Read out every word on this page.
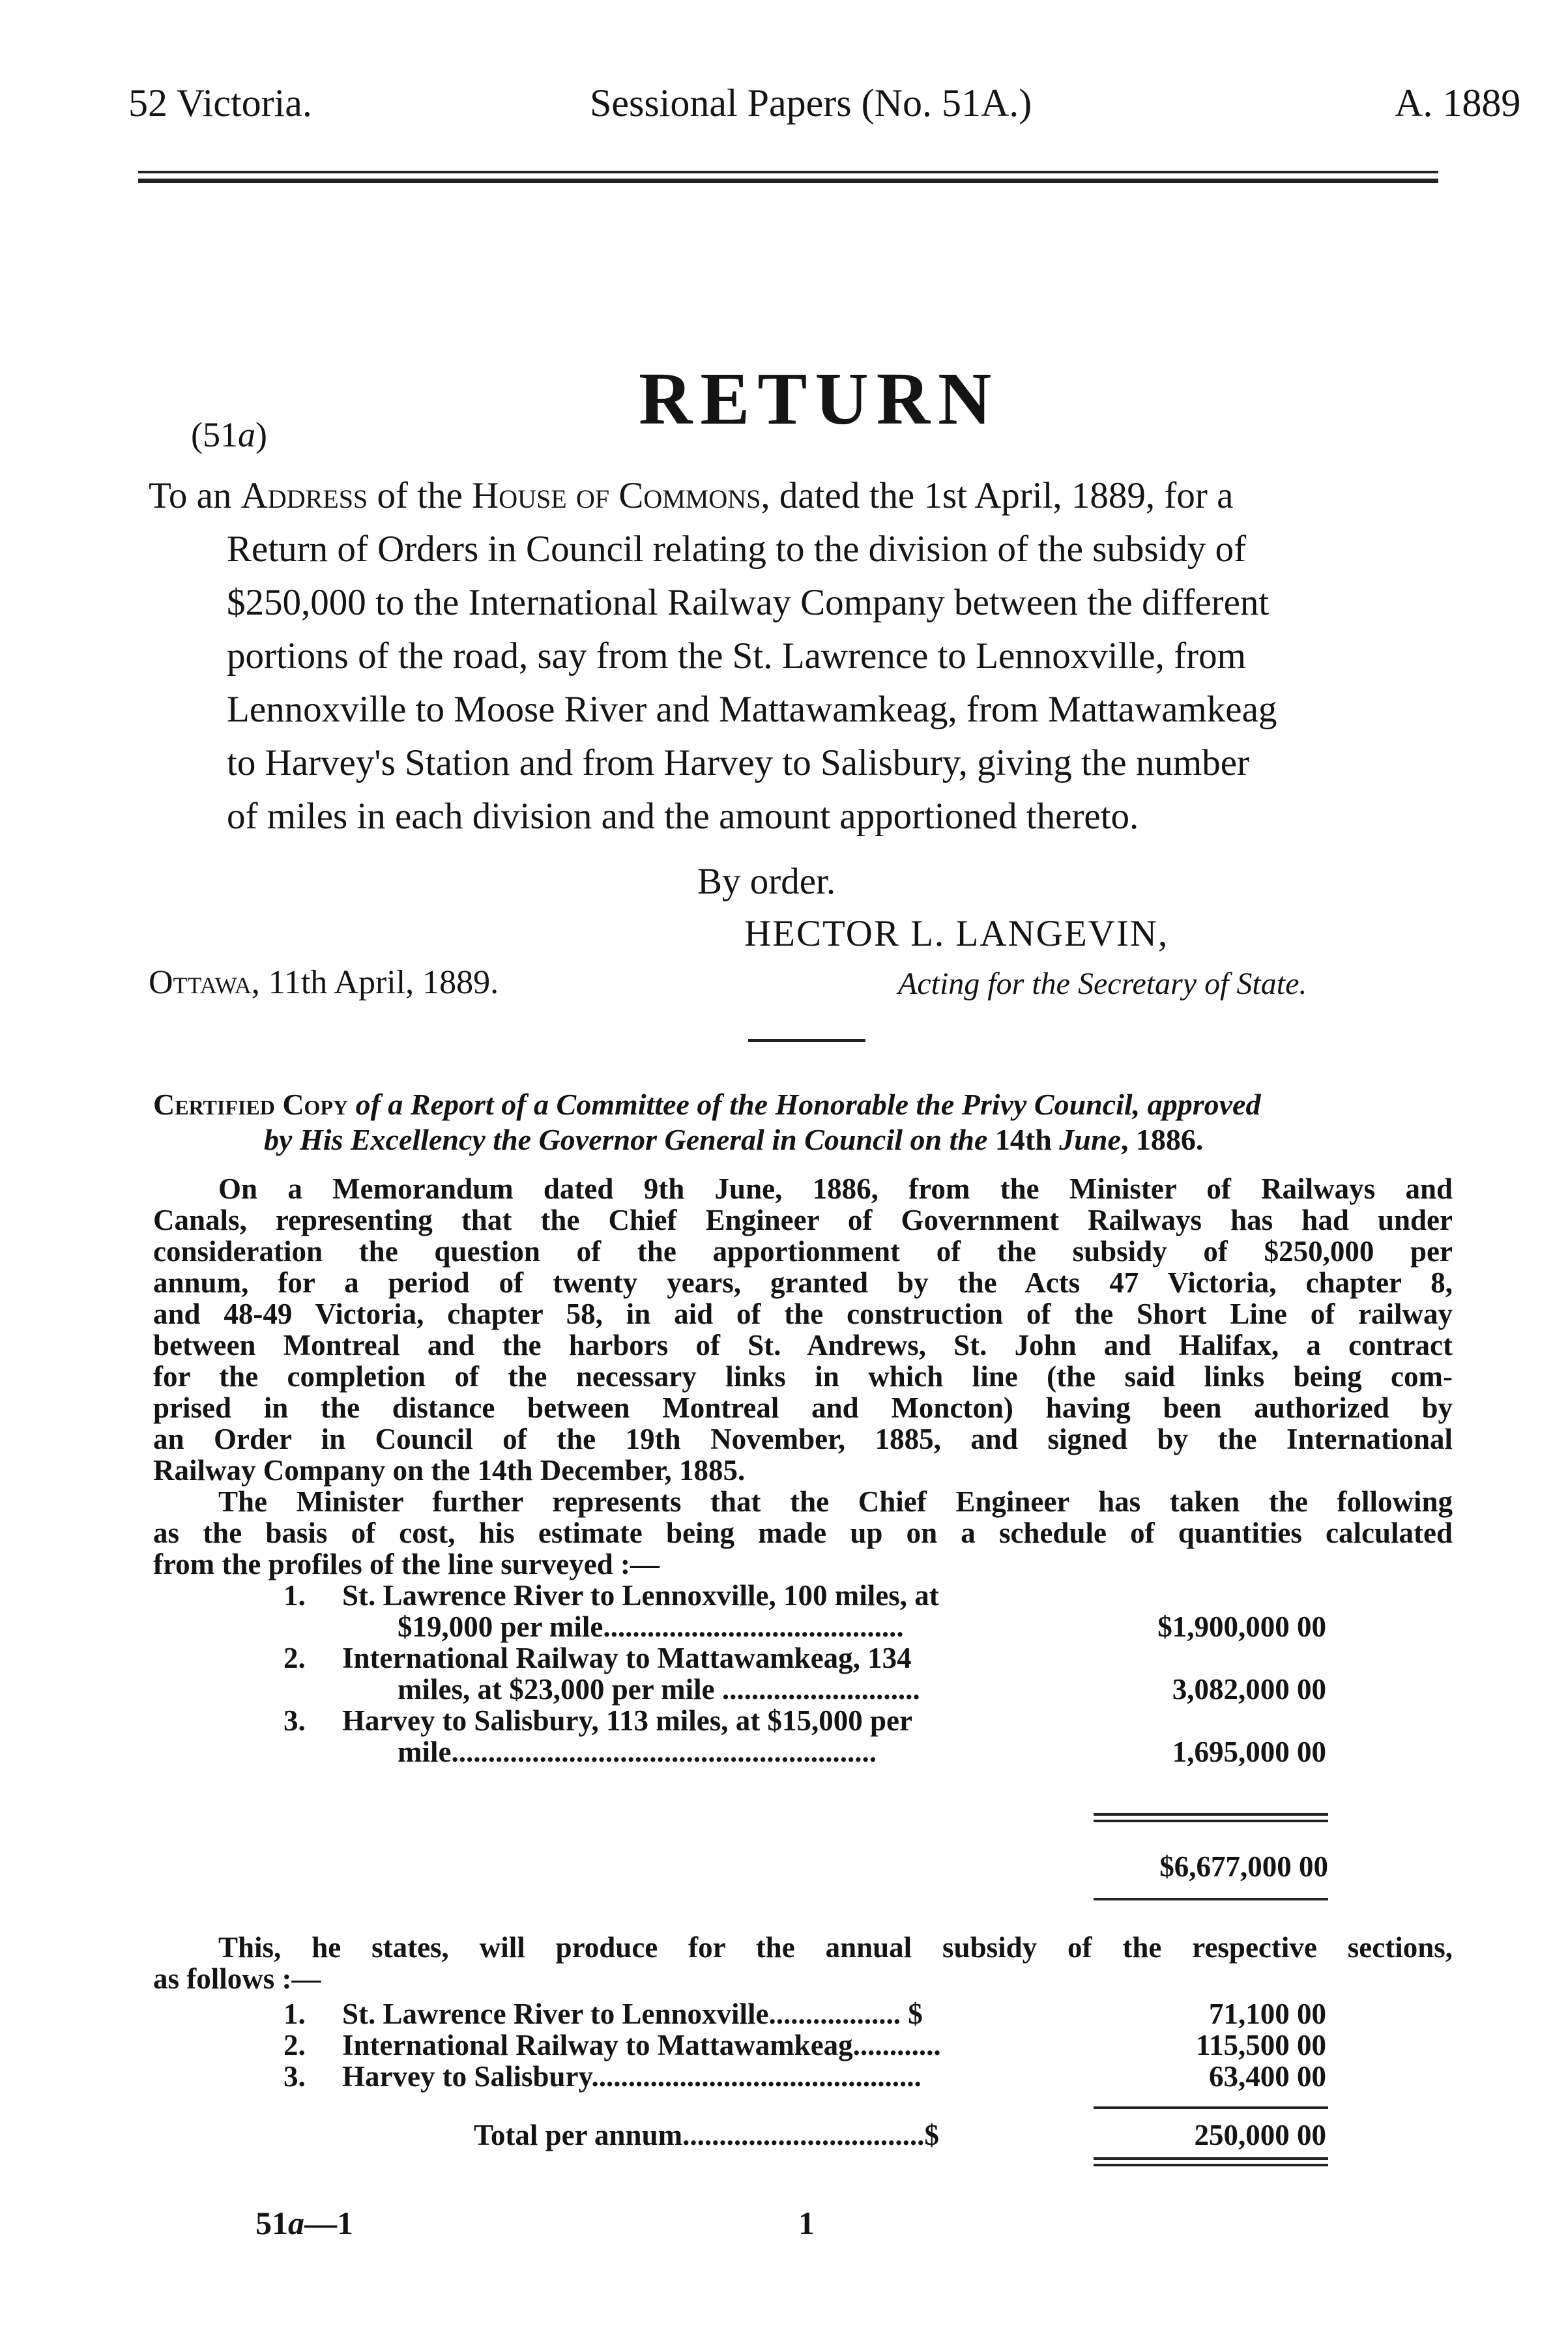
52 Victoria.	Sessional Papers (No. 51A.)	A. 1889
RETURN
(51a)
To an Address of the House of Commons, dated the 1st April, 1889, for a
Return of Orders in Council relating to the division of the subsidy of
$250,000 to the International Railway Company between the different
portions of the road, say from the St. Lawrence to Lennoxville, from
Lennoxville to Moose River and Mattawamkeag, from Mattawamkeag
to Harvey's Station and from Harvey to Salisbury, giving the number
of miles in each division and the amount apportioned thereto.
By order.
HECTOR L. LANGEVIN,
Ottawa, 11th April, 1889.	Acting for the Secretary of State.
Certified Copy of a Report of a Committee of the Honorable the Privy Council, approved
by His Excellency the Governor General in Council on the 14th June, 1886.
On a Memorandum dated 9th June, 1886, from the Minister of Railways and
Canals, representing that the Chief Engineer of Government Railways has had under
consideration the question of the apportionment of the subsidy of $250,000 per
annum, for a period of twenty years, granted by the Acts 47 Victoria, chapter 8,
and 48-49 Victoria, chapter 58, in aid of the construction of the Short Line of railway
between Montreal and the harbors of St. Andrews, St. John and Halifax, a contract
for the completion of the necessary links in which line (the said links being com-
prised in the distance between Montreal and Moncton) having been authorized by
an Order in Council of the 19th November, 1885, and signed by the International
Railway Company on the 14th December, 1885.
The Minister further represents that the Chief Engineer has taken the following
as the basis of cost, his estimate being made up on a schedule of quantities calculated
from the profiles of the line surveyed :—
1. St. Lawrence River to Lennoxville, 100 miles, at
$19,000 per mile.........................................	$1,900,000 00
2. International Railway to Mattawamkeag, 134
miles, at $23,000 per mile ...........................	3,082,000 00
3. Harvey to Salisbury, 113 miles, at $15,000 per
mile..........................................................	1,695,000 00
$6,677,000 00
This, he states, will produce for the annual subsidy of the respective sections,
as follows :—
1. St. Lawrence River to Lennoxville.................. $	71,100 00
2. International Railway to Mattawamkeag............	115,500 00
3. Harvey to Salisbury.............................................	63,400 00
Total per annum.................................$	250,000 00
51a—1	1
